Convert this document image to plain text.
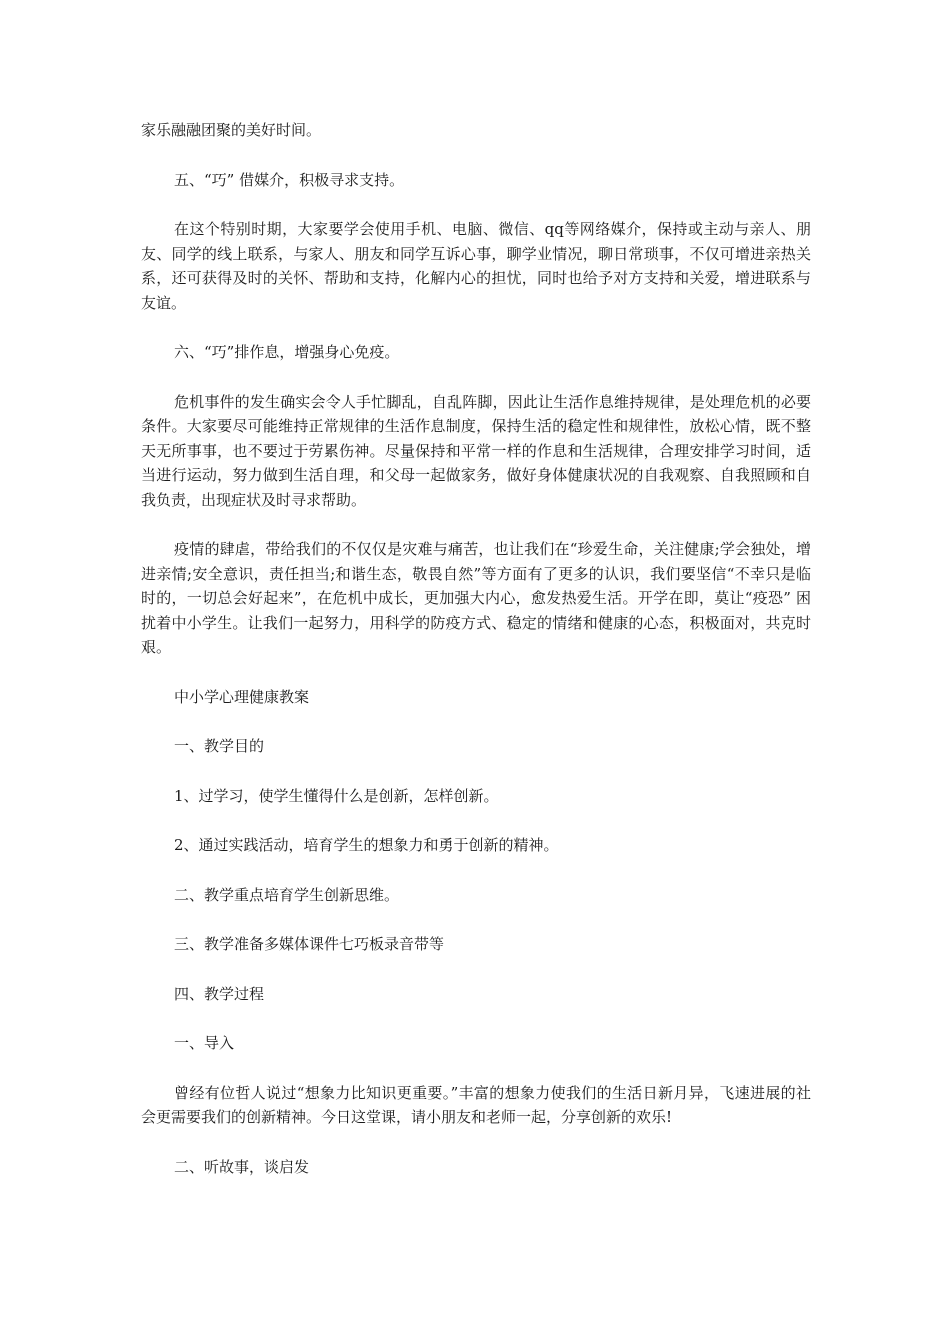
家乐融融团聚的美好时间。

五、“巧” 借媒介，积极寻求支持。

在这个特别时期，大家要学会使用手机、电脑、微信、qq等网络媒介，保持或主动与亲人、朋友、同学的线上联系，与家人、朋友和同学互诉心事，聊学业情况，聊日常琐事，不仅可增进亲热关系，还可获得及时的关怀、帮助和支持，化解内心的担忧，同时也给予对方支持和关爱，增进联系与友谊。

六、“巧”排作息，增强身心免疫。

危机事件的发生确实会令人手忙脚乱，自乱阵脚，因此让生活作息维持规律，是处理危机的必要条件。大家要尽可能维持正常规律的生活作息制度，保持生活的稳定性和规律性，放松心情，既不整天无所事事，也不要过于劳累伤神。尽量保持和平常一样的作息和生活规律，合理安排学习时间，适当进行运动，努力做到生活自理，和父母一起做家务，做好身体健康状况的自我观察、自我照顾和自我负责，出现症状及时寻求帮助。

疫情的肆虐，带给我们的不仅仅是灾难与痛苦，也让我们在“珍爱生命，关注健康;学会独处，增进亲情;安全意识，责任担当;和谐生态，敬畏自然”等方面有了更多的认识，我们要坚信“不幸只是临时的，一切总会好起来”，在危机中成长，更加强大内心，愈发热爱生活。开学在即，莫让“疫恐” 困扰着中小学生。让我们一起努力，用科学的防疫方式、稳定的情绪和健康的心态，积极面对，共克时艰。

中小学心理健康教案

一、教学目的

1、过学习，使学生懂得什么是创新，怎样创新。

2、通过实践活动，培育学生的想象力和勇于创新的精神。

二、教学重点培育学生创新思维。

三、教学准备多媒体课件七巧板录音带等

四、教学过程

一、导入

曾经有位哲人说过“想象力比知识更重要。”丰富的想象力使我们的生活日新月异，飞速进展的社会更需要我们的创新精神。今日这堂课，请小朋友和老师一起，分享创新的欢乐!

二、听故事，谈启发
